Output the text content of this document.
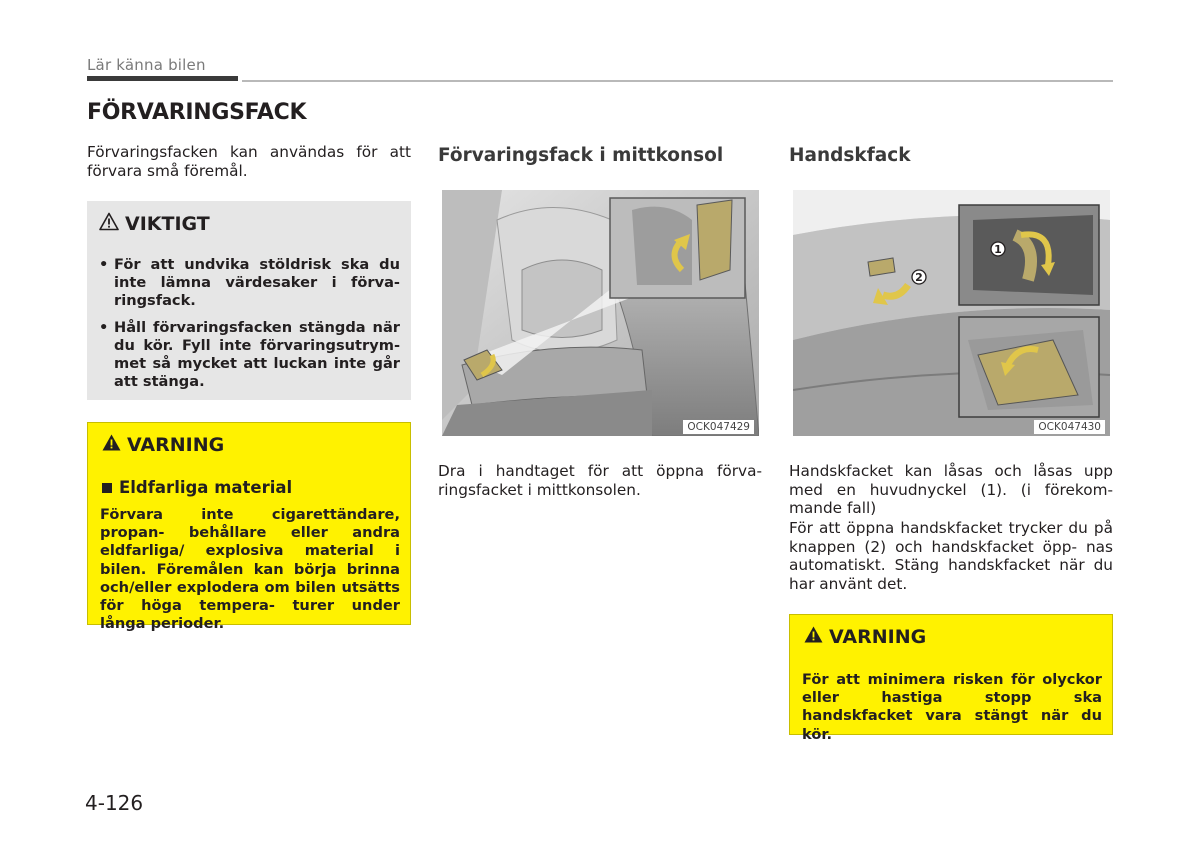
Lär känna bilen
FÖRVARINGSFACK
Förvaringsfacken kan användas för att förvara små föremål.
VIKTIGT
• För att undvika stöldrisk ska du inte lämna värdesaker i förva- ringsfack.
• Håll förvaringsfacken stängda när du kör. Fyll inte förvaringsutrym- met så mycket att luckan inte går att stänga.
VARNING
Eldfarliga material
Förvara inte cigarettändare, propan- behållare eller andra eldfarliga/ explosiva material i bilen. Föremålen kan börja brinna och/eller explodera om bilen utsätts för höga tempera- turer under långa perioder.
Förvaringsfack i mittkonsol
OCK047429
Dra i handtaget för att öppna förva- ringsfacket i mittkonsolen.
Handskfack
2
1
OCK047430
Handskfacket kan låsas och låsas upp med en huvudnyckel (1). (i förekom- mande fall)
För att öppna handskfacket trycker du på knappen (2) och handskfacket öpp- nas automatiskt. Stäng handskfacket när du har använt det.
VARNING
För att minimera risken för olyckor eller hastiga stopp ska handskfacket vara stängt när du kör.
4-126
